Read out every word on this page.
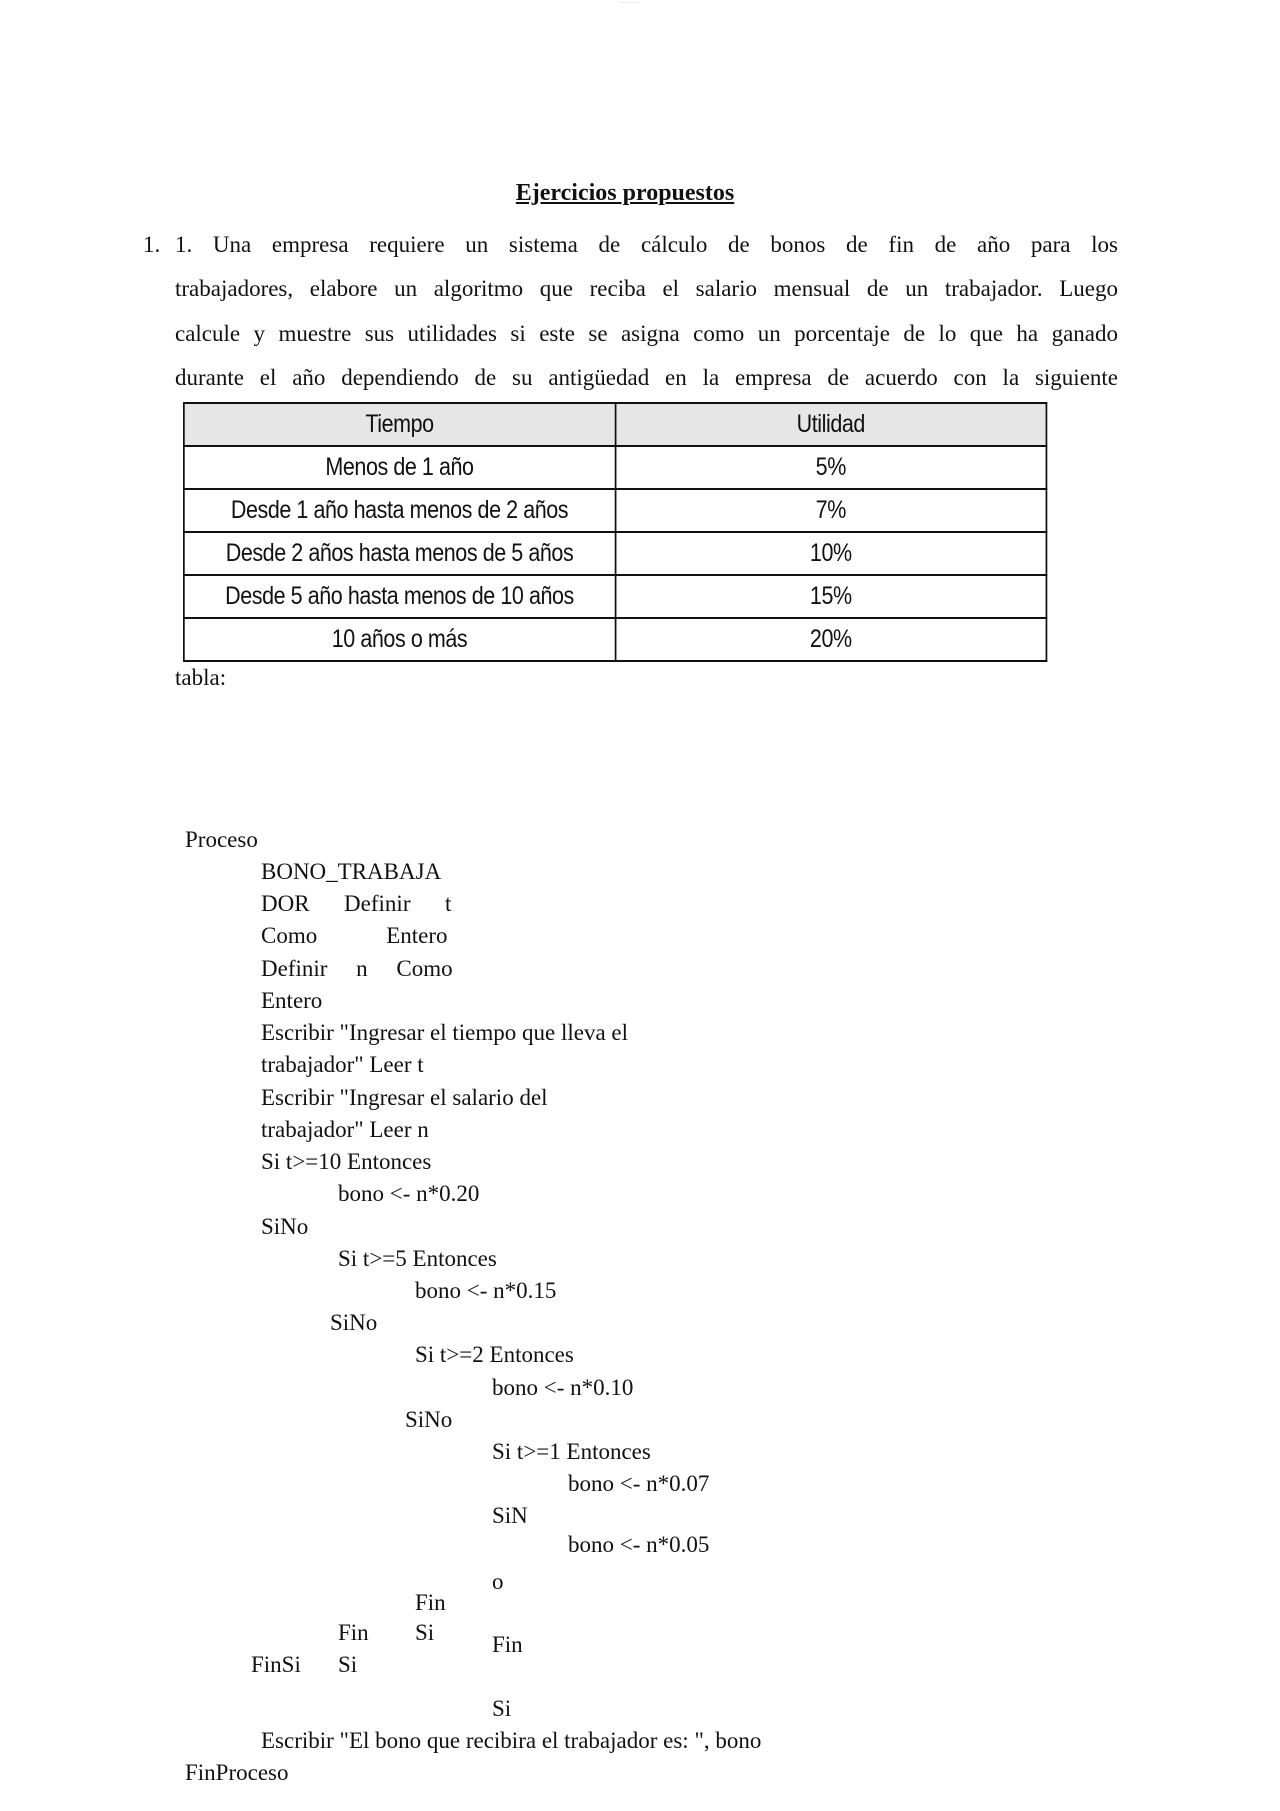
— — — — —
Ejercicios propuestos
1. 1. Una empresa requiere un sistema de cálculo de bonos de fin de año para los
trabajadores, elabore un algoritmo que reciba el salario mensual de un trabajador. Luego
calcule y muestre sus utilidades si este se asigna como un porcentaje de lo que ha ganado
durante el año dependiendo de su antigüedad en la empresa de acuerdo con la siguiente
Tiempo	Utilidad
Menos de 1 año	5%
Desde 1 año hasta menos de 2 años	7%
Desde 2 años hasta menos de 5 años	10%
Desde 5 año hasta menos de 10 años	15%
10 años o más	20%
tabla:
Proceso
BONO_TRABAJA
DOR      Definir      t
Como            Entero
Definir     n     Como
Entero
Escribir "Ingresar el tiempo que lleva el
trabajador" Leer t
Escribir "Ingresar el salario del
trabajador" Leer n
Si t>=10 Entonces
bono <- n*0.20
SiNo
Si t>=5 Entonces
bono <- n*0.15
SiNo
Si t>=2 Entonces
bono <- n*0.10
SiNo
Si t>=1 Entonces
bono <- n*0.07
SiN
bono <- n*0.05
o
Fin
Fin Si	Fin
FinSi Si
Si
Escribir "El bono que recibira el trabajador es: ", bono
FinProceso
